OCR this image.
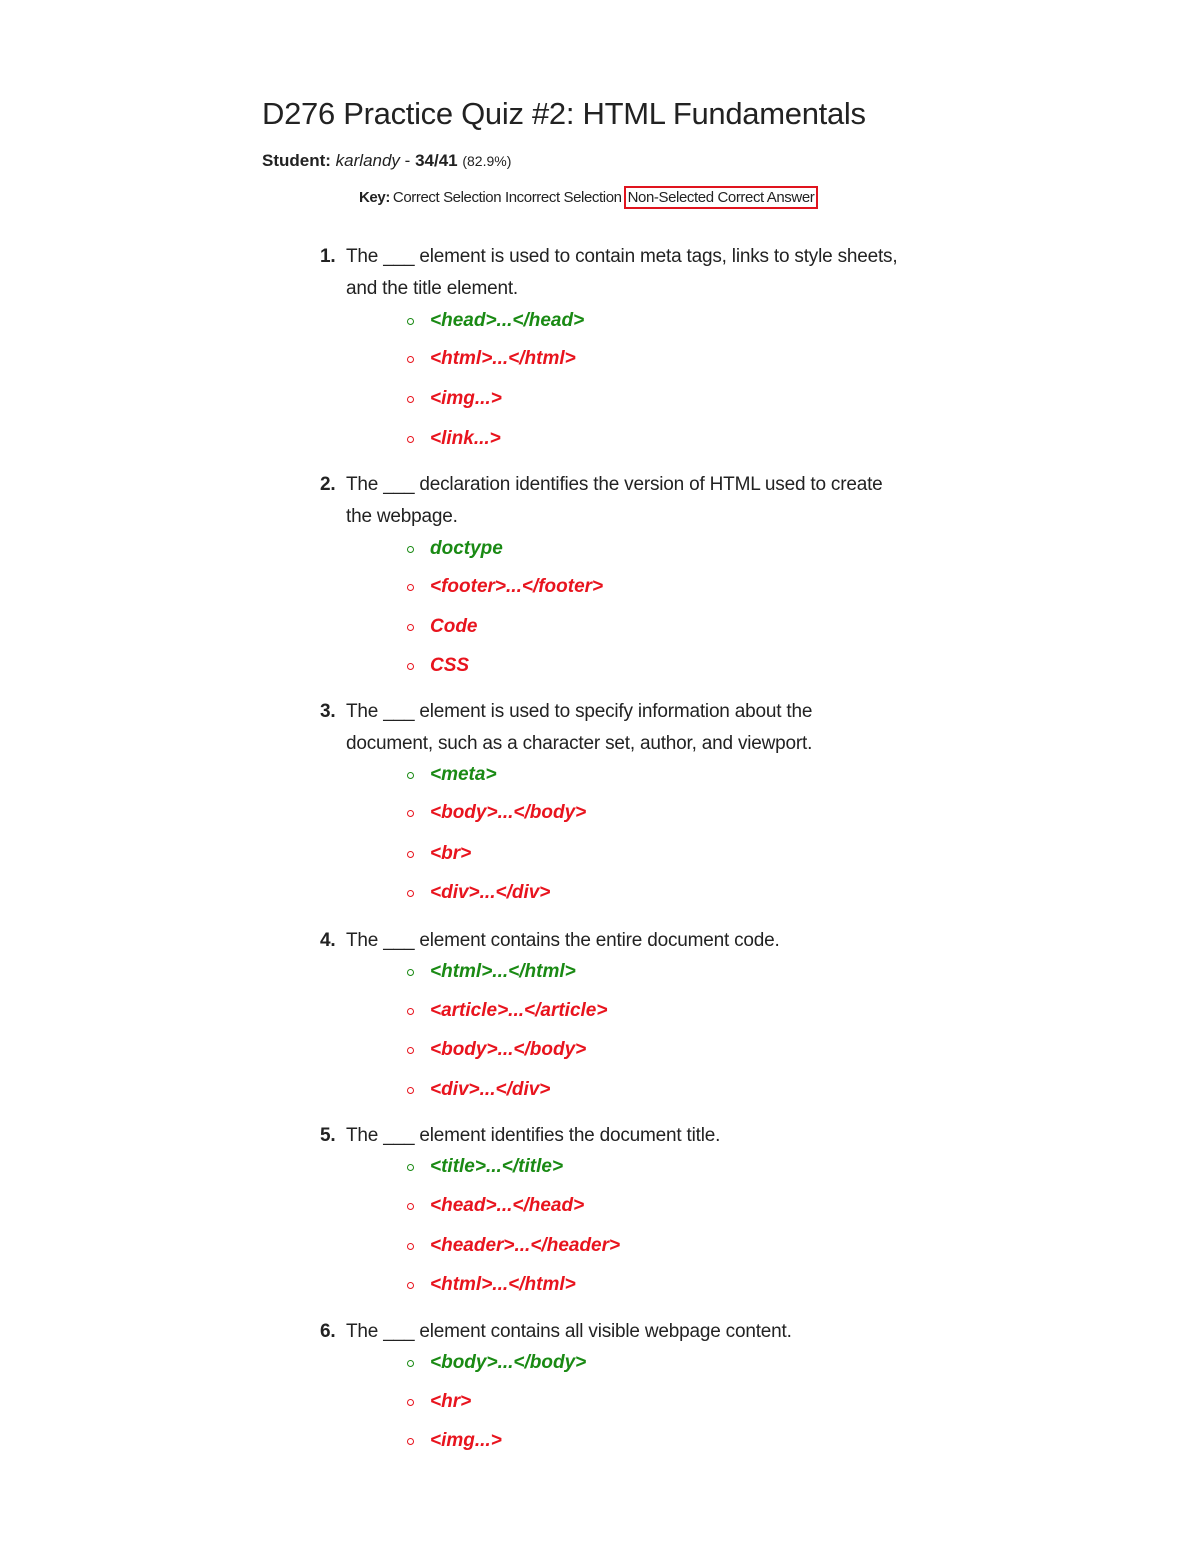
D276 Practice Quiz #2: HTML Fundamentals
Student: karlandy - 34/41 (82.9%)
Key: Correct Selection
Incorrect Selection Non-Selected Correct Answer
1. The ___ element is used to contain meta tags, links to style sheets, and the title element.
<head>...</head>
<html>...</html>
<img...>
<link...>
2. The ___ declaration identifies the version of HTML used to create the webpage.
doctype
<footer>...</footer>
Code
CSS
3. The ___ element is used to specify information about the document, such as a character set, author, and viewport.
<meta>
<body>...</body>
<br>
<div>...</div>
4. The ___ element contains the entire document code.
<html>...</html>
<article>...</article>
<body>...</body>
<div>...</div>
5. The ___ element identifies the document title.
<title>...</title>
<head>...</head>
<header>...</header>
<html>...</html>
6. The ___ element contains all visible webpage content.
<body>...</body>
<hr>
<img...>
